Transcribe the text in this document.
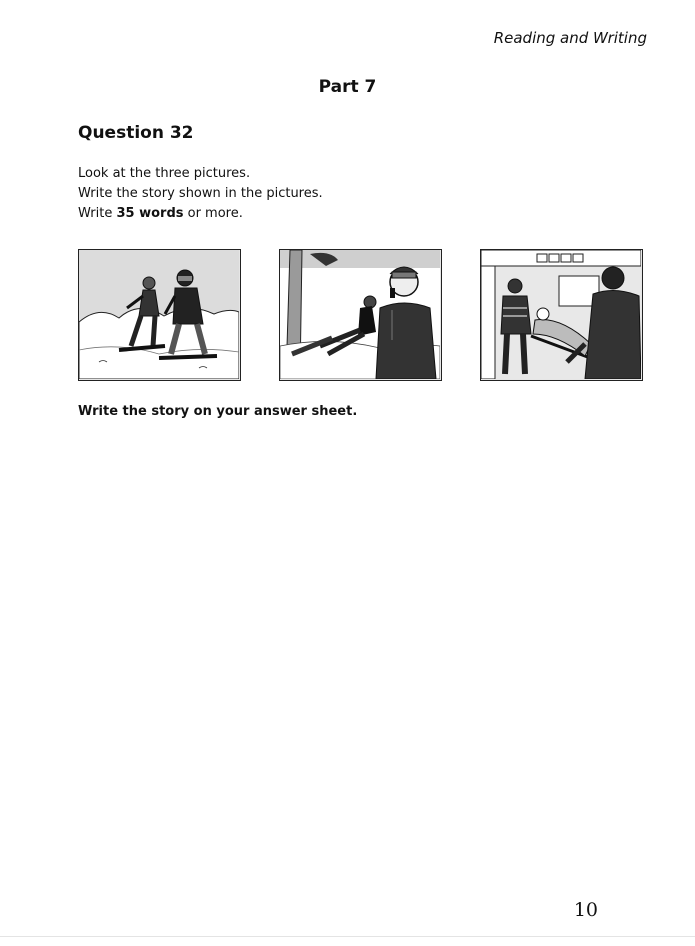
Reading and Writing
Part 7
Question 32
Look at the three pictures.
Write the story shown in the pictures.
Write 35 words or more.
Write the story on your answer sheet.
10
